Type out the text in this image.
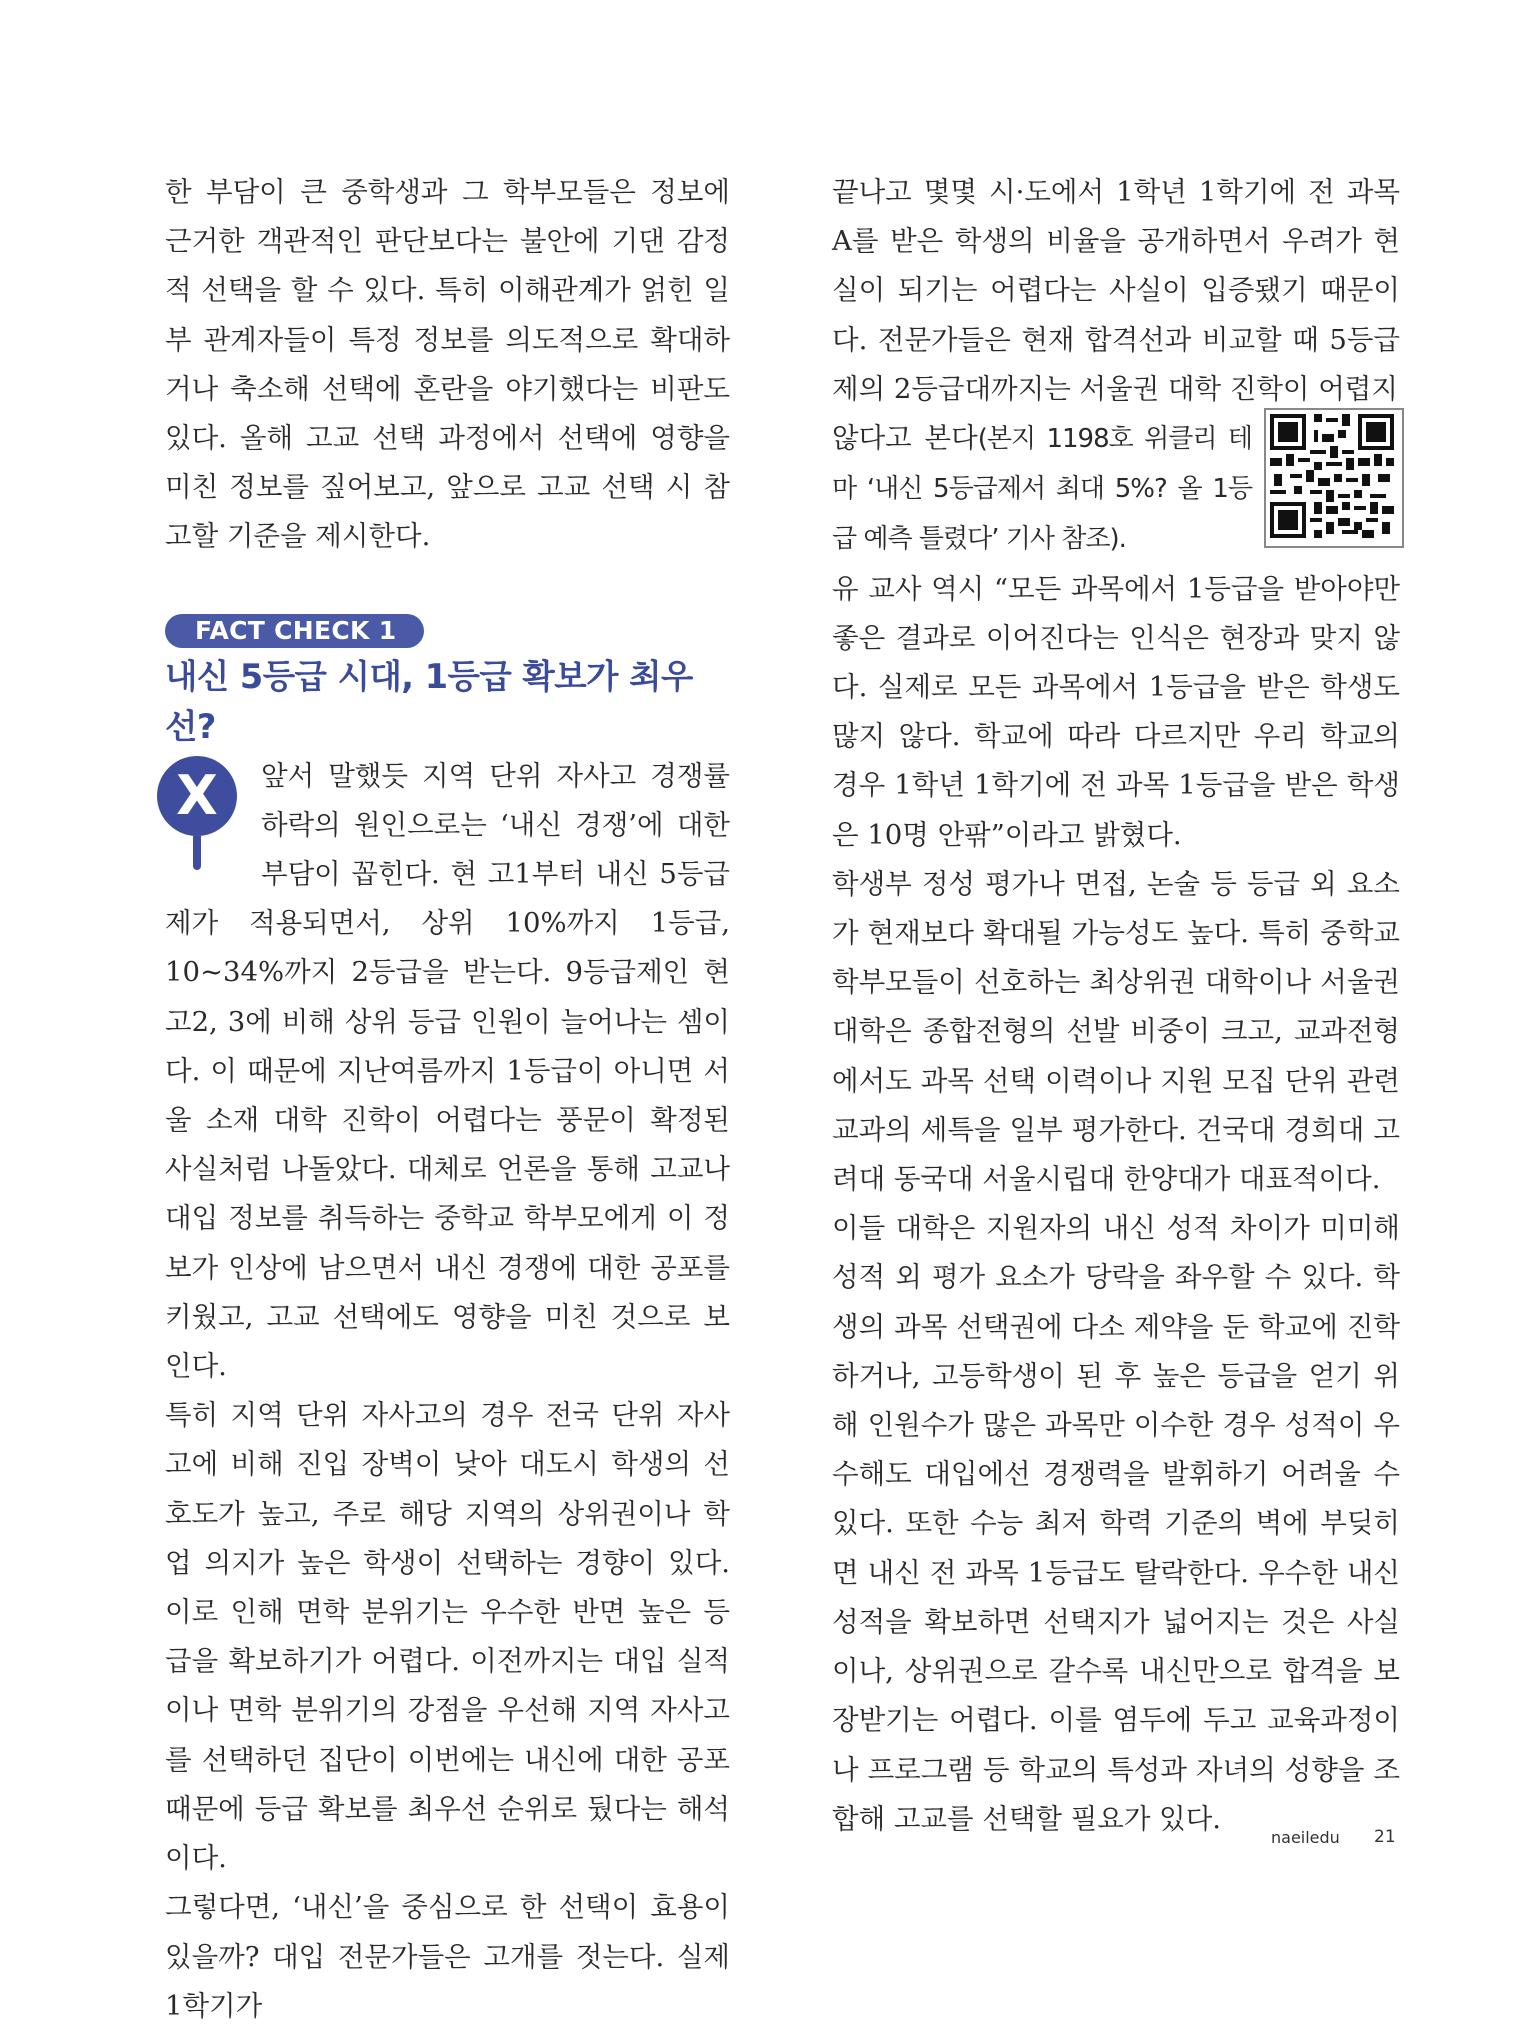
한 부담이 큰 중학생과 그 학부모들은 정보에 근거한 객관적인 판단보다는 불안에 기댄 감정적 선택을 할 수 있다. 특히 이해관계가 얽힌 일부 관계자들이 특정 정보를 의도적으로 확대하거나 축소해 선택에 혼란을 야기했다는 비판도 있다. 올해 고교 선택 과정에서 선택에 영향을 미친 정보를 짚어보고, 앞으로 고교 선택 시 참고할 기준을 제시한다.

FACT CHECK 1
내신 5등급 시대, 1등급 확보가 최우선?
X	앞서 말했듯 지역 단위 자사고 경쟁률 하락의 원인으로는 ‘내신 경쟁’에 대한 부담이 꼽힌다. 현 고1부터 내신 5등급제가 적용되면서, 상위 10%까지 1등급, 10~34%까지 2등급을 받는다. 9등급제인 현 고2, 3에 비해 상위 등급 인원이 늘어나는 셈이다. 이 때문에 지난여름까지 1등급이 아니면 서울 소재 대학 진학이 어렵다는 풍문이 확정된 사실처럼 나돌았다. 대체로 언론을 통해 고교나 대입 정보를 취득하는 중학교 학부모에게 이 정보가 인상에 남으면서 내신 경쟁에 대한 공포를 키웠고, 고교 선택에도 영향을 미친 것으로 보인다.

특히 지역 단위 자사고의 경우 전국 단위 자사고에 비해 진입 장벽이 낮아 대도시 학생의 선호도가 높고, 주로 해당 지역의 상위권이나 학업 의지가 높은 학생이 선택하는 경향이 있다. 이로 인해 면학 분위기는 우수한 반면 높은 등급을 확보하기가 어렵다. 이전까지는 대입 실적이나 면학 분위기의 강점을 우선해 지역 자사고를 선택하던 집단이 이번에는 내신에 대한 공포 때문에 등급 확보를 최우선 순위로 뒀다는 해석이다.

그렇다면, ‘내신’을 중심으로 한 선택이 효용이 있을까? 대입 전문가들은 고개를 젓는다. 실제 1학기가

끝나고 몇몇 시·도에서 1학년 1학기에 전 과목 A를 받은 학생의 비율을 공개하면서 우려가 현실이 되기는 어렵다는 사실이 입증됐기 때문이다. 전문가들은 현재 합격선과 비교할 때 5등급제의 2등급대까지는 서울권 대학 진학이 어렵지

않다고 본다(본지 1198호 위클리 테마 ‘내신 5등급제서 최대 5%? 올 1등급 예측 틀렸다’ 기사 참조).

유 교사 역시 “모든 과목에서 1등급을 받아야만 좋은 결과로 이어진다는 인식은 현장과 맞지 않다. 실제로 모든 과목에서 1등급을 받은 학생도 많지 않다. 학교에 따라 다르지만 우리 학교의 경우 1학년 1학기에 전 과목 1등급을 받은 학생은 10명 안팎”이라고 밝혔다.

학생부 정성 평가나 면접, 논술 등 등급 외 요소가 현재보다 확대될 가능성도 높다. 특히 중학교 학부모들이 선호하는 최상위권 대학이나 서울권 대학은 종합전형의 선발 비중이 크고, 교과전형에서도 과목 선택 이력이나 지원 모집 단위 관련 교과의 세특을 일부 평가한다. 건국대 경희대 고려대 동국대 서울시립대 한양대가 대표적이다.

이들 대학은 지원자의 내신 성적 차이가 미미해 성적 외 평가 요소가 당락을 좌우할 수 있다. 학생의 과목 선택권에 다소 제약을 둔 학교에 진학하거나, 고등학생이 된 후 높은 등급을 얻기 위해 인원수가 많은 과목만 이수한 경우 성적이 우수해도 대입에선 경쟁력을 발휘하기 어려울 수 있다. 또한 수능 최저 학력 기준의 벽에 부딪히면 내신 전 과목 1등급도 탈락한다. 우수한 내신 성적을 확보하면 선택지가 넓어지는 것은 사실이나, 상위권으로 갈수록 내신만으로 합격을 보장받기는 어렵다. 이를 염두에 두고 교육과정이나 프로그램 등 학교의 특성과 자녀의 성향을 조합해 고교를 선택할 필요가 있다.

naeiledu 21
